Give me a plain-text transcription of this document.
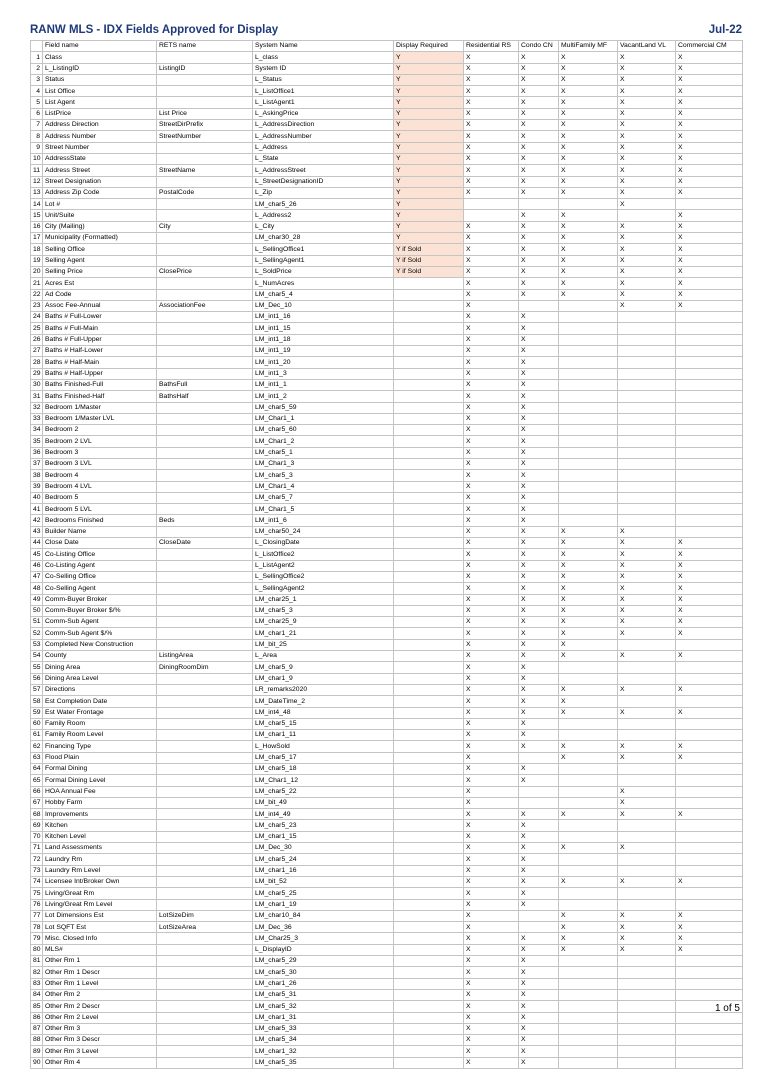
RANW MLS - IDX Fields Approved for Display	Jul-22
	Field name	RETS name	System Name	Display Required	Residential RS	Condo CN	MultiFamily MF	VacantLand VL	Commercial CM
1	Class		L_class	Y	X	X	X	X	X
2	L_ListingID	ListingID	System ID	Y	X	X	X	X	X
3	Status		L_Status	Y	X	X	X	X	X
4	List Office		L_ListOffice1	Y	X	X	X	X	X
5	List Agent		L_ListAgent1	Y	X	X	X	X	X
6	ListPrice	List Price	L_AskingPrice	Y	X	X	X	X	X
7	Address Direction	StreetDirPrefix	L_AddressDirection	Y	X	X	X	X	X
8	Address Number	StreetNumber	L_AddressNumber	Y	X	X	X	X	X
9	Street Number		L_Address	Y	X	X	X	X	X
10	AddressState		L_State	Y	X	X	X	X	X
11	Address Street	StreetName	L_AddressStreet	Y	X	X	X	X	X
12	Street Designation		L_StreetDesignationID	Y	X	X	X	X	X
13	Address Zip Code	PostalCode	L_Zip	Y	X	X	X	X	X
14	Lot #		LM_char5_26	Y				X	
15	Unit/Suite		L_Address2	Y		X	X		X
16	City (Mailing)	City	L_City	Y	X	X	X	X	X
17	Municipality (Formatted)		LM_char30_28	Y	X	X	X	X	X
18	Selling Office		L_SellingOffice1	Y if Sold	X	X	X	X	X
19	Selling Agent		L_SellingAgent1	Y if Sold	X	X	X	X	X
20	Selling Price	ClosePrice	L_SoldPrice	Y if Sold	X	X	X	X	X
21	Acres Est		L_NumAcres		X	X	X	X	X
22	Ad Code		LM_char5_4		X	X	X	X	X
23	Assoc Fee-Annual	AssociationFee	LM_Dec_10		X			X	X
24	Baths # Full-Lower		LM_int1_16		X	X			
25	Baths # Full-Main		LM_int1_15		X	X			
26	Baths # Full-Upper		LM_int1_18		X	X			
27	Baths # Half-Lower		LM_int1_19		X	X			
28	Baths # Half-Main		LM_int1_20		X	X			
29	Baths # Half-Upper		LM_int1_3		X	X			
30	Baths Finished-Full	BathsFull	LM_int1_1		X	X			
31	Baths Finished-Half	BathsHalf	LM_int1_2		X	X			
32	Bedroom 1/Master		LM_char5_59		X	X			
33	Bedroom 1/Master LVL		LM_Char1_1		X	X			
34	Bedroom 2		LM_char5_60		X	X			
35	Bedroom 2 LVL		LM_Char1_2		X	X			
36	Bedroom 3		LM_char5_1		X	X			
37	Bedroom 3 LVL		LM_Char1_3		X	X			
38	Bedroom 4		LM_char5_3		X	X			
39	Bedroom 4 LVL		LM_Char1_4		X	X			
40	Bedroom 5		LM_char5_7		X	X			
41	Bedroom 5 LVL		LM_Char1_5		X	X			
42	Bedrooms Finished	Beds	LM_int1_6		X	X			
43	Builder Name		LM_char50_24		X	X	X	X	
44	Close Date	CloseDate	L_ClosingDate		X	X	X	X	X
45	Co-Listing Office		L_ListOffice2		X	X	X	X	X
46	Co-Listing Agent		L_ListAgent2		X	X	X	X	X
47	Co-Selling Office		L_SellingOffice2		X	X	X	X	X
48	Co-Selling Agent		L_SellingAgent2		X	X	X	X	X
49	Comm-Buyer Broker		LM_char25_1		X	X	X	X	X
50	Comm-Buyer Broker $/%		LM_char5_3		X	X	X	X	X
51	Comm-Sub Agent		LM_char25_9		X	X	X	X	X
52	Comm-Sub Agent $/%		LM_char1_21		X	X	X	X	X
53	Completed New Construction		LM_bit_25		X	X	X		
54	County	ListingArea	L_Area		X	X	X	X	X
55	Dining Area	DiningRoomDim	LM_char5_9		X	X			
56	Dining Area Level		LM_char1_9		X	X			
57	Directions		LR_remarks2020		X	X	X	X	X
58	Est Completion Date		LM_DateTime_2		X	X	X		
59	Est Water Frontage		LM_int4_48		X	X	X	X	X
60	Family Room		LM_char5_15		X	X			
61	Family Room Level		LM_char1_11		X	X			
62	Financing Type		L_HowSold		X	X	X	X	X
63	Flood Plain		LM_char5_17		X		X	X	X
64	Formal Dining		LM_char5_18		X	X			
65	Formal Dining Level		LM_Char1_12		X	X			
66	HOA Annual Fee		LM_char5_22		X			X	
67	Hobby Farm		LM_bit_49		X			X	
68	Improvements		LM_int4_49		X	X	X	X	X
69	Kitchen		LM_char5_23		X	X			
70	Kitchen Level		LM_char1_15		X	X			
71	Land Assessments		LM_Dec_30		X	X	X	X	
72	Laundry Rm		LM_char5_24		X	X			
73	Laundry Rm Level		LM_char1_16		X	X			
74	Licensee Int/Broker Own		LM_bit_52		X	X	X	X	X
75	Living/Great Rm		LM_char5_25		X	X			
76	Living/Great Rm Level		LM_char1_19		X	X			
77	Lot Dimensions Est	LotSizeDim	LM_char10_84		X		X	X	X
78	Lot SQFT Est	LotSizeArea	LM_Dec_36		X		X	X	X
79	Misc. Closed Info		LM_Char25_3		X	X	X	X	X
80	MLS#		L_DisplayID		X	X	X	X	X
81	Other Rm 1		LM_char5_29		X	X			
82	Other Rm 1 Descr		LM_char5_30		X	X			
83	Other Rm 1 Level		LM_char1_26		X	X			
84	Other Rm 2		LM_char5_31		X	X			
85	Other Rm 2 Descr		LM_char5_32		X	X			
86	Other Rm 2 Level		LM_char1_31		X	X			
87	Other Rm 3		LM_char5_33		X	X			
88	Other Rm 3 Descr		LM_char5_34		X	X			
89	Other Rm 3 Level		LM_char1_32		X	X			
90	Other Rm 4		LM_char5_35		X	X			
1 of 5
